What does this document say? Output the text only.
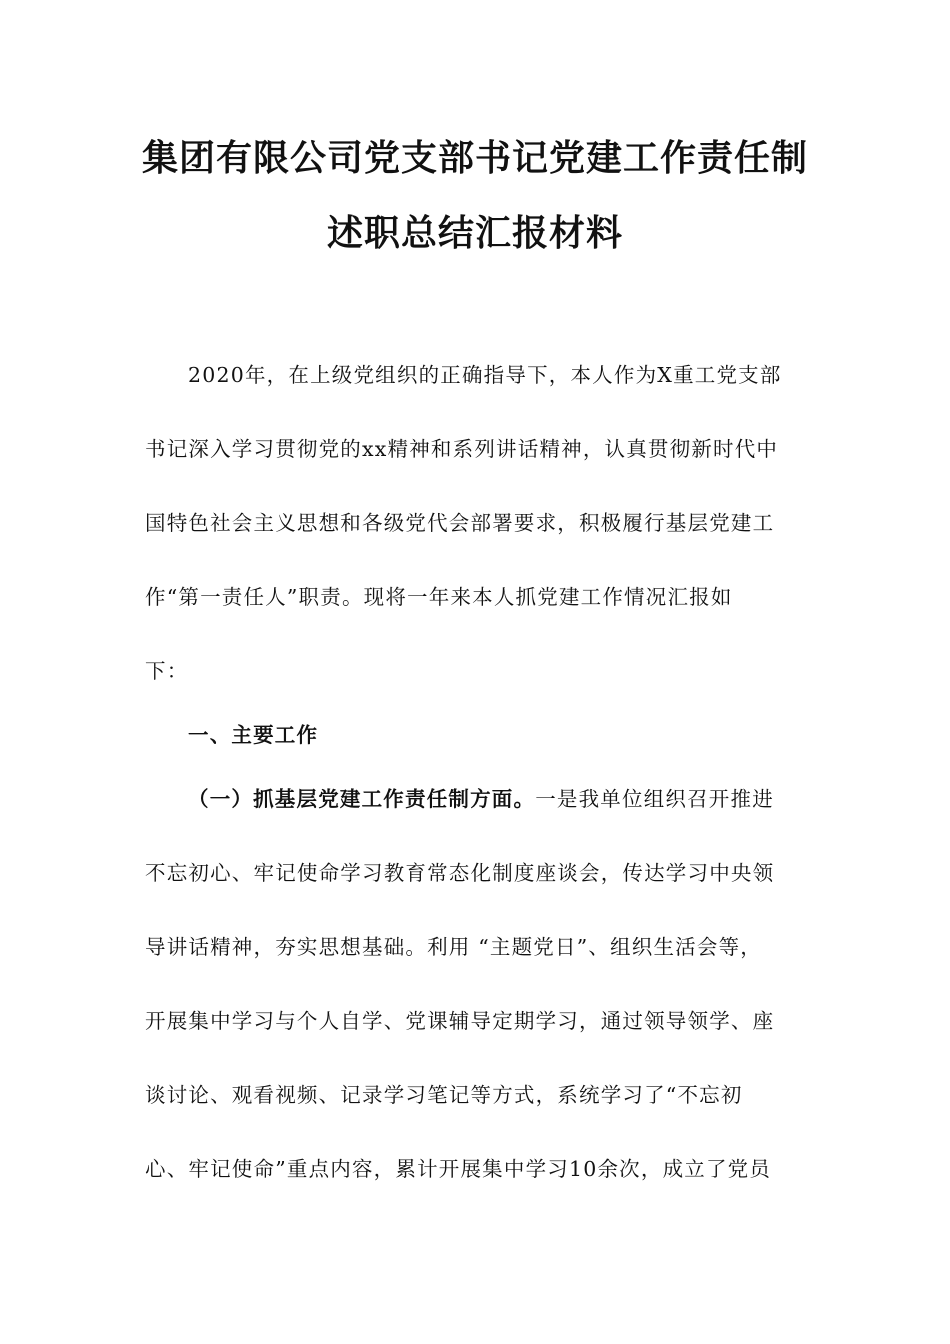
集团有限公司党支部书记党建工作责任制
述职总结汇报材料
2020年，在上级党组织的正确指导下，本人作为X重工党支部
书记深入学习贯彻党的xx精神和系列讲话精神，认真贯彻新时代中
国特色社会主义思想和各级党代会部署要求，积极履行基层党建工
作“第一责任人”职责。现将一年来本人抓党建工作情况汇报如
下：
一、主要工作
（一）抓基层党建工作责任制方面。一是我单位组织召开推进
不忘初心、牢记使命学习教育常态化制度座谈会，传达学习中央领
导讲话精神，夯实思想基础。利用 “主题党日”、组织生活会等，
开展集中学习与个人自学、党课辅导定期学习，通过领导领学、座
谈讨论、观看视频、记录学习笔记等方式，系统学习了“不忘初
心、牢记使命”重点内容，累计开展集中学习10余次，成立了党员
